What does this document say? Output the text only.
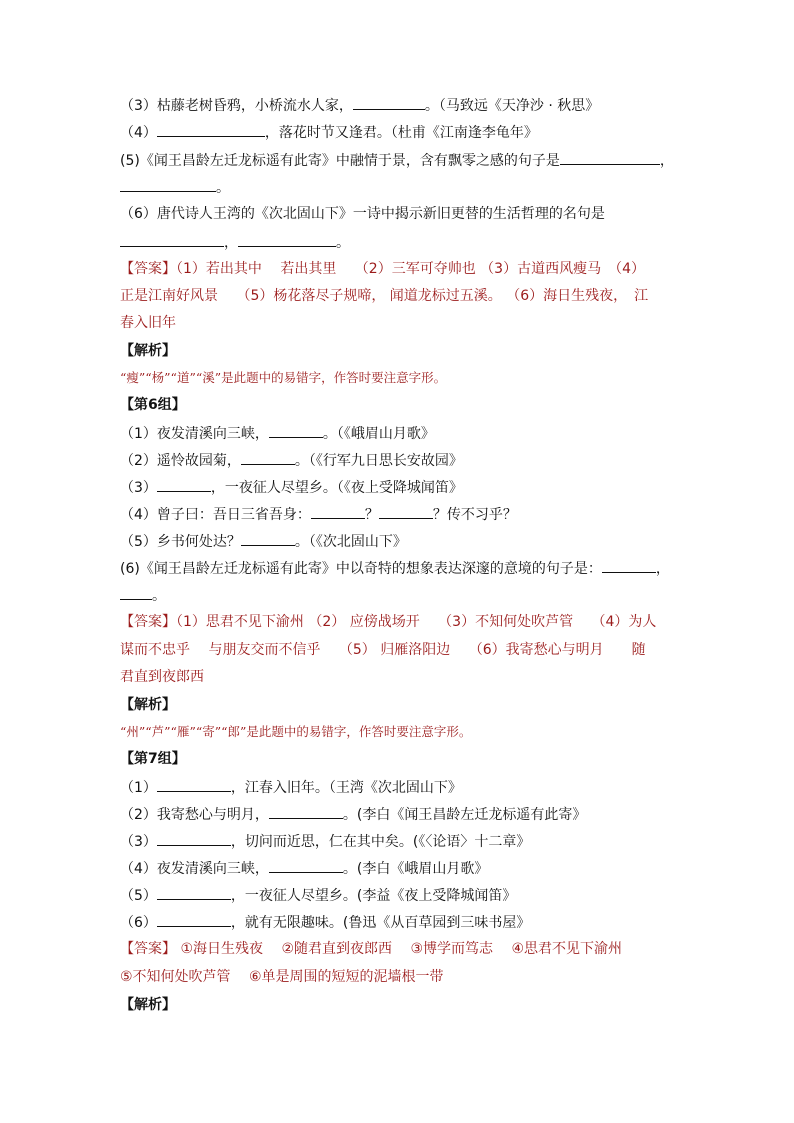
（3）枯藤老树昏鸦，小桥流水人家，	。（马致远《天净沙 · 秋思》
（4）	，落花时节又逢君。（杜甫《江南逢李龟年》
(5)《闻王昌龄左迁龙标遥有此寄》中融情于景，含有飘零之感的句子是	，
。
（6）唐代诗人王湾的《次北固山下》一诗中揭示新旧更替的生活哲理的名句是
，	。
【答案】（1）若出其中　 若出其里　 （2）三军可夺帅也 （3）古道西风瘦马　（4）
正是江南好风景　 （5）杨花落尽子规啼， 闻道龙标过五溪。 （6）海日生残夜，　江
春入旧年
【解析】
“瘦”“杨”“道”“溪”是此题中的易错字，作答时要注意字形。
【第6组】
（1）夜发清溪向三峡，	。（《峨眉山月歌》
（2）遥怜故园菊，	。（《行军九日思长安故园》
（3）	，一夜征人尽望乡。（《夜上受降城闻笛》
（4）曾子曰：吾日三省吾身：	？	？传不习乎？
（5）乡书何处达？	。（《次北固山下》
(6)《闻王昌龄左迁龙标遥有此寄》中以奇特的想象表达深邃的意境的句子是：	，
。
【答案】（1）思君不见下渝州 （2） 应傍战场开　 （3）不知何处吹芦管　 （4）为人
谋而不忠乎　 与朋友交而不信乎　 （5） 归雁洛阳边　 （6）我寄愁心与明月　　随
君直到夜郎西
【解析】
“州”“芦”“雁”“寄”“郎”是此题中的易错字，作答时要注意字形。
【第7组】
（1）	，江春入旧年。（王湾《次北固山下》
（2）我寄愁心与明月，	。(李白《闻王昌龄左迁龙标遥有此寄》
（3）	，切问而近思，仁在其中矣。(《〈论语〉十二章》
（4）夜发清溪向三峡，	。(李白《峨眉山月歌》
（5）	，一夜征人尽望乡。(李益《夜上受降城闻笛》
（6）	，就有无限趣味。(鲁迅《从百草园到三味书屋》
【答案】 ①海日生残夜　 ②随君直到夜郎西　 ③博学而笃志　 ④思君不见下渝州
⑤不知何处吹芦管　 ⑥单是周围的短短的泥墙根一带
【解析】
